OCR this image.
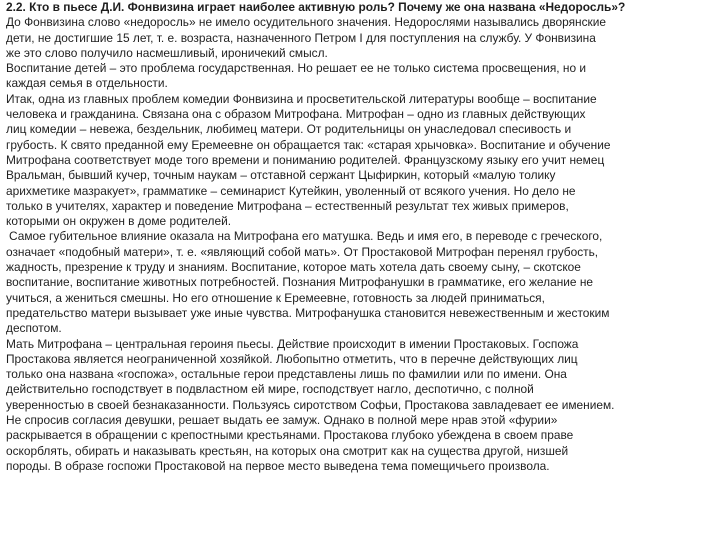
2.2. Кто в пьесе Д.И. Фонвизина играет наиболее активную роль? Почему же она названа «Недоросль»?

До Фонвизина слово «недоросль» не имело осудительного значения. Недорослями назывались дворянские
дети, не достигшие 15 лет, т. е. возраста, назначенного Петром I для поступления на службу. У Фонвизина
же это слово получило насмешливый, ироничекий смысл.
Воспитание детей – это проблема государственная. Но решает ее не только система просвещения, но и
каждая семья в отдельности.
Итак, одна из главных проблем комедии Фонвизина и просветительской литературы вообще – воспитание
человека и гражданина. Связана она с образом Митрофана. Митрофан – одно из главных действующих
лиц комедии – невежа, бездельник, любимец матери. От родительницы он унаследовал спесивость и
грубость. К свято преданной ему Еремеевне он обращается так: «старая хрычовка». Воспитание и обучение
Митрофана соответствует моде того времени и пониманию родителей. Французскому языку его учит немец
Вральман, бывший кучер, точным наукам – отставной сержант Цыфиркин, который «малую толику
арихметике мазракует», грамматике – семинарист Кутейкин, уволенный от всякого учения. Но дело не
только в учителях, характер и поведение Митрофана – естественный результат тех живых примеров,
которыми он окружен в доме родителей.
Самое губительное влияние оказала на Митрофана его матушка. Ведь и имя его, в переводе с греческого,
означает «подобный матери», т. е. «являющий собой мать». От Простаковой Митрофан перенял грубость,
жадность, презрение к труду и знаниям. Воспитание, которое мать хотела дать своему сыну, – скотское
воспитание, воспитание животных потребностей. Познания Митрофанушки в грамматике, его желание не
учиться, а жениться смешны. Но его отношение к Еремеевне, готовность за людей приниматься,
предательство матери вызывает уже иные чувства. Митрофанушка становится невежественным и жестоким
деспотом.
Мать Митрофана – центральная героиня пьесы. Действие происходит в имении Простаковых. Госпожа
Простакова является неограниченной хозяйкой. Любопытно отметить, что в перечне действующих лиц
только она названа «госпожа», остальные герои представлены лишь по фамилии или по имени. Она
действительно господствует в подвластном ей мире, господствует нагло, деспотично, с полной
уверенностью в своей безнаказанности. Пользуясь сиротством Софьи, Простакова завладевает ее имением.
Не спросив согласия девушки, решает выдать ее замуж. Однако в полной мере нрав этой «фурии»
раскрывается в обращении с крепостными крестьянами. Простакова глубоко убеждена в своем праве
оскорблять, обирать и наказывать крестьян, на которых она смотрит как на существа другой, низшей
породы. В образе госпожи Простаковой на первое место выведена тема помещичьего произвола.
